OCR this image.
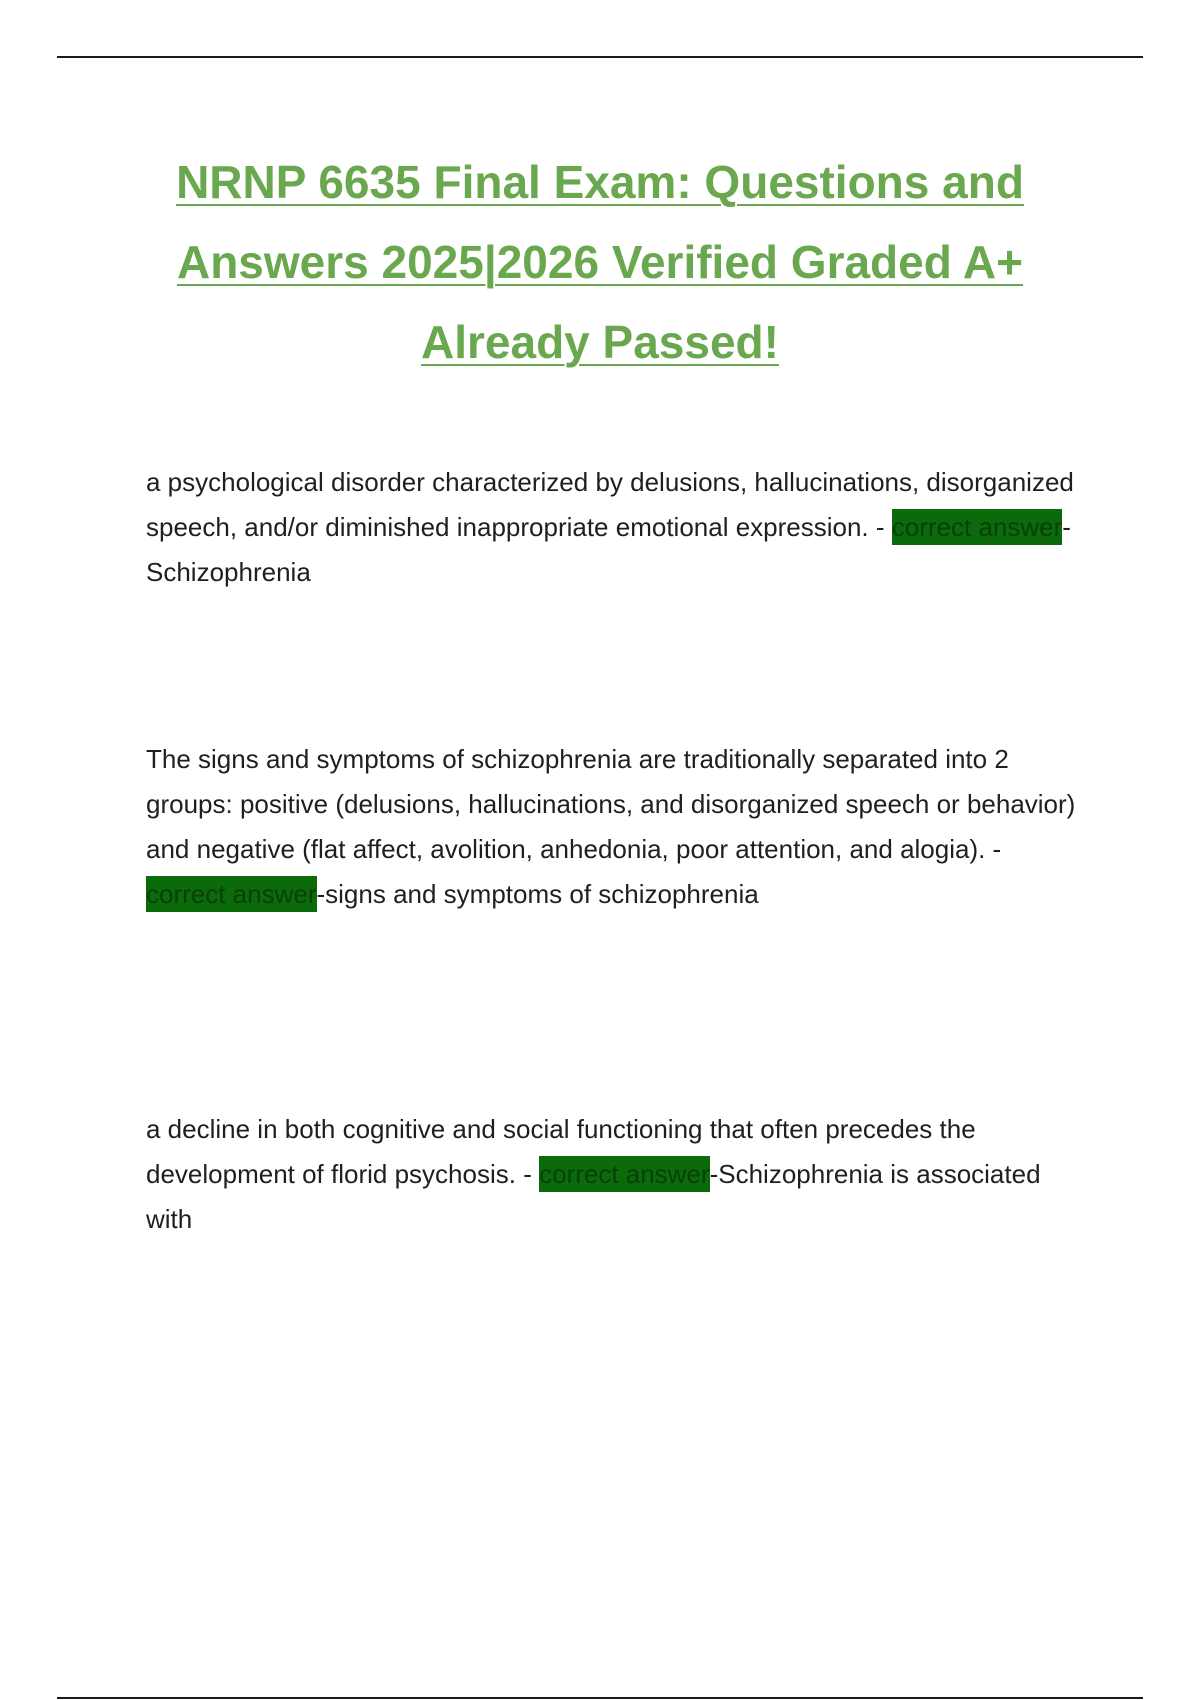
NRNP 6635 Final Exam: Questions and
Answers 2025|2026 Verified Graded A+
Already Passed!

a psychological disorder characterized by delusions, hallucinations, disorganized speech, and/or diminished inappropriate emotional expression. - correct answer-Schizophrenia

The signs and symptoms of schizophrenia are traditionally separated into 2 groups: positive (delusions, hallucinations, and disorganized speech or behavior) and negative (flat affect, avolition, anhedonia, poor attention, and alogia). - correct answer-signs and symptoms of schizophrenia

a decline in both cognitive and social functioning that often precedes the development of florid psychosis. - correct answer-Schizophrenia is associated with
